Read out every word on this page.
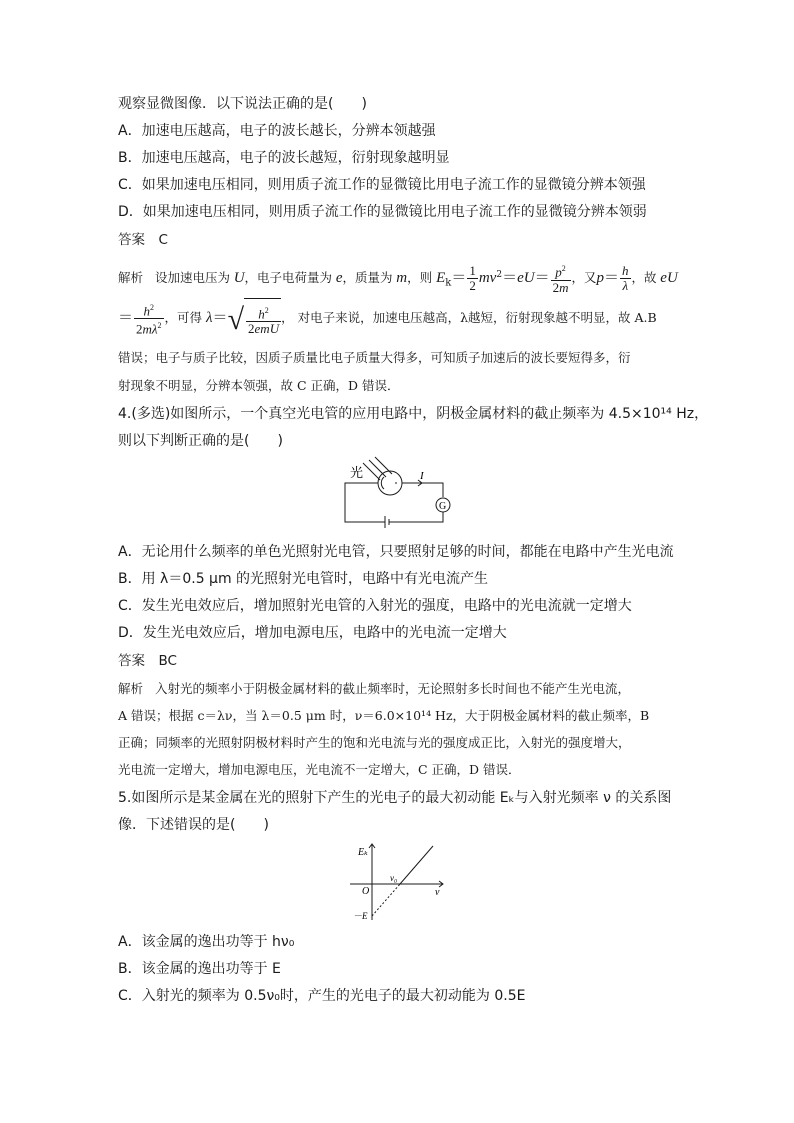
观察显微图像．以下说法正确的是(　　)
A．加速电压越高，电子的波长越长，分辨本领越强
B．加速电压越高，电子的波长越短，衍射现象越明显
C．如果加速电压相同，则用质子流工作的显微镜比用电子流工作的显微镜分辨本领强
D．如果加速电压相同，则用质子流工作的显微镜比用电子流工作的显微镜分辨本领弱
答案　C
解析 设加速电压为 U，电子电荷量为 e，质量为 m，则 $E_k= \frac{1}{2} mv^2=eU= \frac{p^2}{2m}$ ，又$p= \frac{h}{\lambda}$ ，故 eU
＝ $\frac{h^2}{2m\lambda^2}$ ，可得 $\lambda=√ \frac{h^2}{\text{2emU}}$ ， 对电子来说，加速电压越高，λ越短，衍射现象越不明显，故 A.B
错误；电子与质子比较，因质子质量比电子质量大得多，可知质子加速后的波长要短得多，衍
射现象不明显，分辨本领强，故 C 正确，D 错误．
4.(多选)如图所示，一个真空光电管的应用电路中，阴极金属材料的截止频率为 4.5×10¹⁴ Hz，
则以下判断正确的是(　　)
光	I
G
A．无论用什么频率的单色光照射光电管，只要照射足够的时间，都能在电路中产生光电流
B．用 λ＝0.5 μm 的光照射光电管时，电路中有光电流产生
C．发生光电效应后，增加照射光电管的入射光的强度，电路中的光电流就一定增大
D．发生光电效应后，增加电源电压，电路中的光电流一定增大
答案　BC
解析 入射光的频率小于阴极金属材料的截止频率时，无论照射多长时间也不能产生光电流，
A 错误；根据 c＝λν，当 λ＝0.5 μm 时，ν＝6.0×10¹⁴ Hz，大于阴极金属材料的截止频率，B
正确；同频率的光照射阴极材料时产生的饱和光电流与光的强度成正比，入射光的强度增大，
光电流一定增大，增加电源电压，光电流不一定增大，C 正确，D 错误．
5.如图所示是某金属在光的照射下产生的光电子的最大初动能 Eₖ与入射光频率 ν 的关系图
像．下述错误的是(　　)
Eₖ
ν
O
ν₀
－E
A．该金属的逸出功等于 hν₀
B．该金属的逸出功等于 E
C．入射光的频率为 0.5ν₀时，产生的光电子的最大初动能为 0.5E
